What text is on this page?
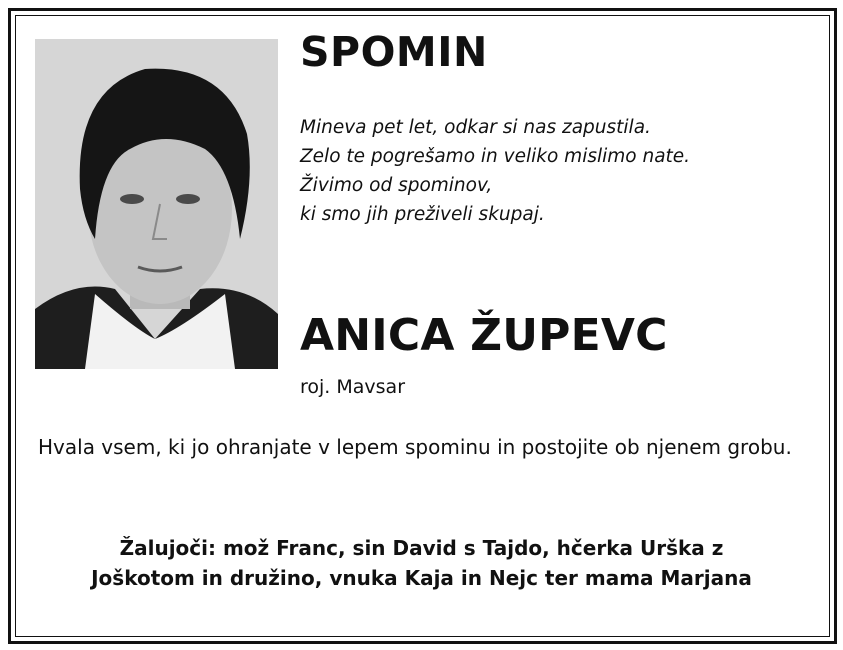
SPOMIN
Mineva pet let, odkar si nas zapustila.
Zelo te pogrešamo in veliko mislimo nate.
Živimo od spominov,
ki smo jih preživeli skupaj.
ANICA ŽUPEVC
roj. Mavsar
Hvala vsem, ki jo ohranjate v lepem spominu in postojite ob njenem grobu.
Žalujoči: mož Franc, sin David s Tajdo, hčerka Urška z
Joškotom in družino, vnuka Kaja in Nejc ter mama Marjana
